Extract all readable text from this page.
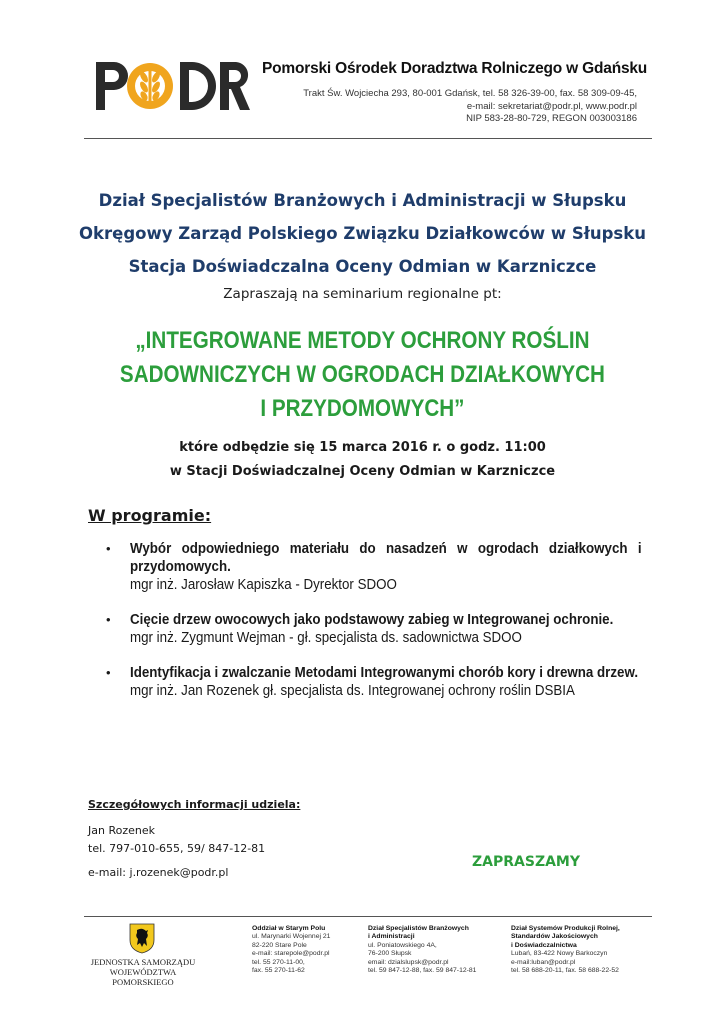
Pomorski Ośrodek Doradztwa Rolniczego w Gdańsku
Trakt Św. Wojciecha 293, 80-001 Gdańsk, tel. 58 326-39-00, fax. 58 309-09-45,
e-mail: sekretariat@podr.pl, www.podr.pl
NIP 583-28-80-729, REGON 003003186
Dział Specjalistów Branżowych i Administracji w Słupsku
Okręgowy Zarząd Polskiego Związku Działkowców w Słupsku
Stacja Doświadczalna Oceny Odmian w Karzniczce
Zapraszają na seminarium regionalne pt:
„INTEGROWANE METODY OCHRONY ROŚLIN
SADOWNICZYCH W OGRODACH DZIAŁKOWYCH
I PRZYDOMOWYCH”
które odbędzie się 15 marca 2016 r. o godz. 11:00
w Stacji Doświadczalnej Oceny Odmian w Karzniczce
W programie:
• Wybór odpowiedniego materiału do nasadzeń w ogrodach działkowych i przydomowych.
mgr inż. Jarosław Kapiszka - Dyrektor SDOO
• Cięcie drzew owocowych jako podstawowy zabieg w Integrowanej ochronie.
mgr inż. Zygmunt Wejman - gł. specjalista ds. sadownictwa SDOO
• Identyfikacja i zwalczanie Metodami Integrowanymi chorób kory i drewna drzew.
mgr inż. Jan Rozenek gł. specjalista ds. Integrowanej ochrony roślin DSBIA
Szczegółowych informacji udziela:
Jan Rozenek
tel. 797-010-655, 59/ 847-12-81
e-mail: j.rozenek@podr.pl
ZAPRASZAMY
JEDNOSTKA SAMORZĄDU
WOJEWÓDZTWA POMORSKIEGO
Oddział w Starym Polu
ul. Marynarki Wojennej 21
82-220 Stare Pole
e-mail: starepole@podr.pl
tel. 55 270-11-00,
fax. 55 270-11-62
Dział Specjalistów Branżowych
i Administracji
ul. Poniatowskiego 4A,
76-200 Słupsk
email: dzialslupsk@podr.pl
tel. 59 847-12-88, fax. 59 847-12-81
Dział Systemów Produkcji Rolnej,
Standardów Jakościowych
i Doświadczalnictwa
Lubań, 83-422 Nowy Barkoczyn
e-mail:luban@podr.pl
tel. 58 688-20-11, fax. 58 688-22-52
